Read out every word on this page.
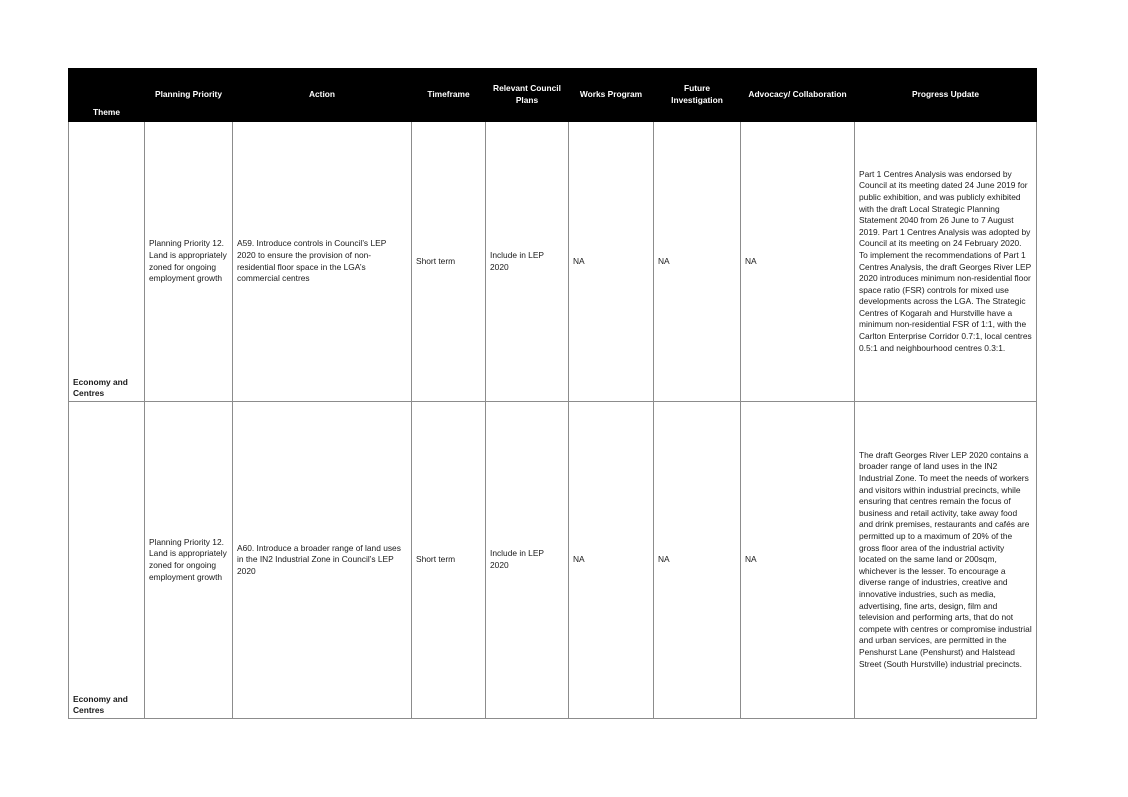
Theme	Planning Priority	Action	Timeframe	Relevant Council Plans	Works Program	Future Investigation	Advocacy/ Collaboration	Progress Update
Economy and Centres	Planning Priority 12. Land is appropriately zoned for ongoing employment growth	A59. Introduce controls in Council’s LEP 2020 to ensure the provision of non-residential floor space in the LGA’s commercial centres	Short term	Include in LEP 2020	NA	NA	NA	Part 1 Centres Analysis was endorsed by Council at its meeting dated 24 June 2019 for public exhibition, and was publicly exhibited with the draft Local Strategic Planning Statement 2040 from 26 June to 7 August 2019. Part 1 Centres Analysis was adopted by Council at its meeting on 24 February 2020. To implement the recommendations of Part 1 Centres Analysis, the draft Georges River LEP 2020 introduces minimum non-residential floor space ratio (FSR) controls for mixed use developments across the LGA. The Strategic Centres of Kogarah and Hurstville have a minimum non-residential FSR of 1:1, with the Carlton Enterprise Corridor 0.7:1, local centres 0.5:1 and neighbourhood centres 0.3:1.
Economy and Centres	Planning Priority 12. Land is appropriately zoned for ongoing employment growth	A60. Introduce a broader range of land uses in the IN2 Industrial Zone in Council’s LEP 2020	Short term	Include in LEP 2020	NA	NA	NA	The draft Georges River LEP 2020 contains a broader range of land uses in the IN2 Industrial Zone. To meet the needs of workers and visitors within industrial precincts, while ensuring that centres remain the focus of business and retail activity, take away food and drink premises, restaurants and cafés are permitted up to a maximum of 20% of the gross floor area of the industrial activity located on the same land or 200sqm, whichever is the lesser. To encourage a diverse range of industries, creative and innovative industries, such as media, advertising, fine arts, design, film and television and performing arts, that do not compete with centres or compromise industrial and urban services, are permitted in the Penshurst Lane (Penshurst) and Halstead Street (South Hurstville) industrial precincts.
